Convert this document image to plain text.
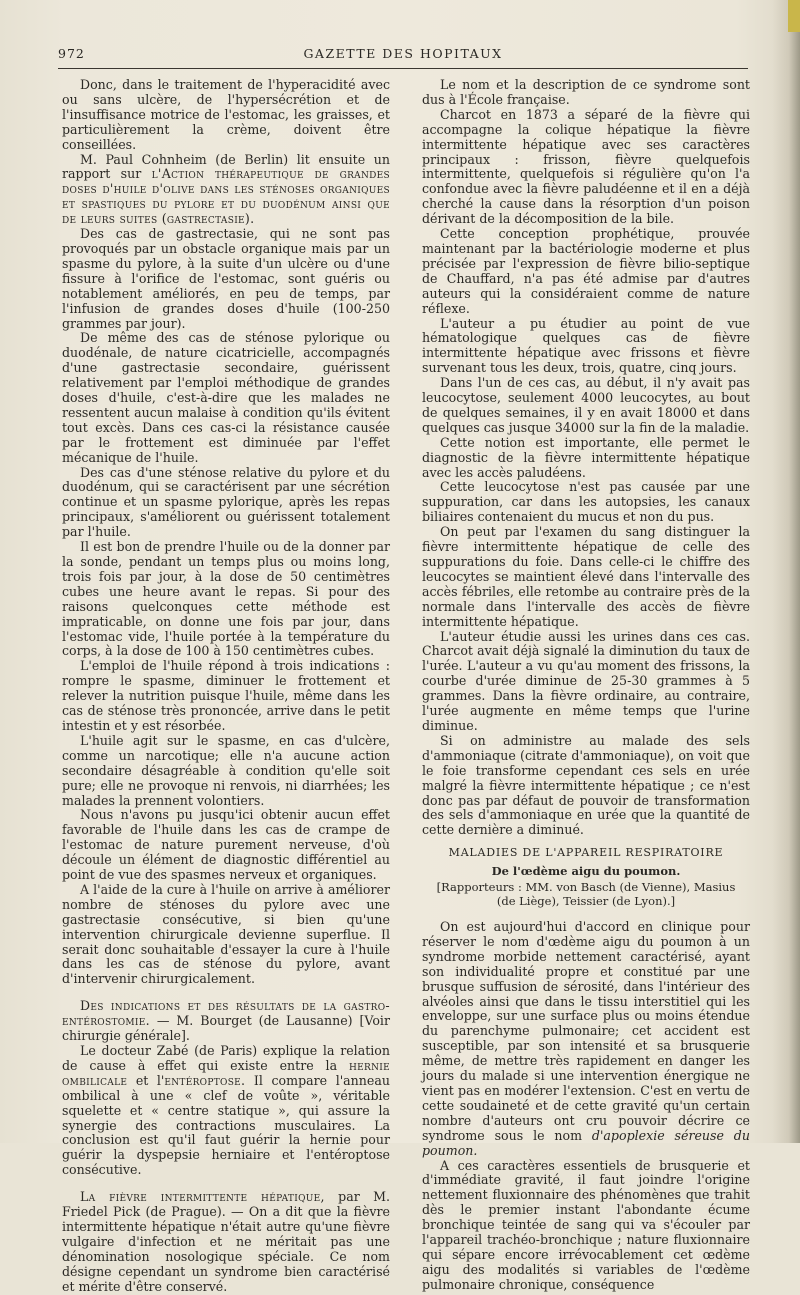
972	GAZETTE DES HOPITAUX

Donc, dans le traitement de l'hyperacidité avec ou sans ulcère, de l'hypersécrétion et de l'insuffisance motrice de l'estomac, les graisses, et particulièrement la crème, doivent être conseillées.

M. Paul Cohnheim (de Berlin) lit ensuite un rapport sur l'Action thérapeutique de grandes doses d'huile d'olive dans les sténoses organiques et spastiques du pylore et du duodénum ainsi que de leurs suites (gastrectasie).

Des cas de gastrectasie, qui ne sont pas provoqués par un obstacle organique mais par un spasme du pylore, à la suite d'un ulcère ou d'une fissure à l'orifice de l'estomac, sont guéris ou notablement améliorés, en peu de temps, par l'infusion de grandes doses d'huile (100-250 grammes par jour).

De même des cas de sténose pylorique ou duodénale, de nature cicatricielle, accompagnés d'une gastrectasie secondaire, guérissent relativement par l'emploi méthodique de grandes doses d'huile, c'est-à-dire que les malades ne ressentent aucun malaise à condition qu'ils évitent tout excès. Dans ces cas-ci la résistance causée par le frottement est diminuée par l'effet mécanique de l'huile.

Des cas d'une sténose relative du pylore et du duodénum, qui se caractérisent par une sécrétion continue et un spasme pylorique, après les repas principaux, s'améliorent ou guérissent totalement par l'huile.

Il est bon de prendre l'huile ou de la donner par la sonde, pendant un temps plus ou moins long, trois fois par jour, à la dose de 50 centimètres cubes une heure avant le repas. Si pour des raisons quelconques cette méthode est impraticable, on donne une fois par jour, dans l'estomac vide, l'huile portée à la température du corps, à la dose de 100 à 150 centimètres cubes.

L'emploi de l'huile répond à trois indications : rompre le spasme, diminuer le frottement et relever la nutrition puisque l'huile, même dans les cas de sténose très prononcée, arrive dans le petit intestin et y est résorbée.

L'huile agit sur le spasme, en cas d'ulcère, comme un narcotique; elle n'a aucune action secondaire désagréable à condition qu'elle soit pure; elle ne provoque ni renvois, ni diarrhées; les malades la prennent volontiers.

Nous n'avons pu jusqu'ici obtenir aucun effet favorable de l'huile dans les cas de crampe de l'estomac de nature purement nerveuse, d'où découle un élément de diagnostic différentiel au point de vue des spasmes nerveux et organiques.

A l'aide de la cure à l'huile on arrive à améliorer nombre de sténoses du pylore avec une gastrectasie consécutive, si bien qu'une intervention chirurgicale devienne superflue. Il serait donc souhaitable d'essayer la cure à l'huile dans les cas de sténose du pylore, avant d'intervenir chirurgicalement.

Des indications et des résultats de la gastro-entérostomie. — M. Bourget (de Lausanne) [Voir chirurgie générale].

Le docteur Zabé (de Paris) explique la relation de cause à effet qui existe entre la hernie ombilicale et l'entéroptose. Il compare l'anneau ombilical à une « clef de voûte », véritable squelette et « centre statique », qui assure la synergie des contractions musculaires. La conclusion est qu'il faut guérir la hernie pour guérir la dyspepsie herniaire et l'entéroptose consécutive.

La fièvre intermittente hépatique, par M. Friedel Pick (de Prague). — On a dit que la fièvre intermittente hépatique n'était autre qu'une fièvre vulgaire d'infection et ne méritait pas une dénomination nosologique spéciale. Ce nom désigne cependant un syndrome bien caractérisé et mérite d'être conservé.

Le nom et la description de ce syndrome sont dus à l'École française.

Charcot en 1873 a séparé de la fièvre qui accompagne la colique hépatique la fièvre intermittente hépatique avec ses caractères principaux : frisson, fièvre quelquefois intermittente, quelquefois si régulière qu'on l'a confondue avec la fièvre paludéenne et il en a déjà cherché la cause dans la résorption d'un poison dérivant de la décomposition de la bile.

Cette conception prophétique, prouvée maintenant par la bactériologie moderne et plus précisée par l'expression de fièvre bilio-septique de Chauffard, n'a pas été admise par d'autres auteurs qui la considéraient comme de nature réflexe.

L'auteur a pu étudier au point de vue hématologique quelques cas de fièvre intermittente hépatique avec frissons et fièvre survenant tous les deux, trois, quatre, cinq jours.

Dans l'un de ces cas, au début, il n'y avait pas leucocytose, seulement 4000 leucocytes, au bout de quelques semaines, il y en avait 18000 et dans quelques cas jusque 34000 sur la fin de la maladie.

Cette notion est importante, elle permet le diagnostic de la fièvre intermittente hépatique avec les accès paludéens.

Cette leucocytose n'est pas causée par une suppuration, car dans les autopsies, les canaux biliaires contenaient du mucus et non du pus.

On peut par l'examen du sang distinguer la fièvre intermittente hépatique de celle des suppurations du foie. Dans celle-ci le chiffre des leucocytes se maintient élevé dans l'intervalle des accès fébriles, elle retombe au contraire près de la normale dans l'intervalle des accès de fièvre intermittente hépatique.

L'auteur étudie aussi les urines dans ces cas. Charcot avait déjà signalé la diminution du taux de l'urée. L'auteur a vu qu'au moment des frissons, la courbe d'urée diminue de 25-30 grammes à 5 grammes. Dans la fièvre ordinaire, au contraire, l'urée augmente en même temps que l'urine diminue.

Si on administre au malade des sels d'ammoniaque (citrate d'ammoniaque), on voit que le foie transforme cependant ces sels en urée malgré la fièvre intermittente hépatique ; ce n'est donc pas par défaut de pouvoir de transformation des sels d'ammoniaque en urée que la quantité de cette dernière a diminué.

MALADIES DE L'APPAREIL RESPIRATOIRE
De l'œdème aigu du poumon.
[Rapporteurs : MM. von Basch (de Vienne), Masius (de Liège), Teissier (de Lyon).]

On est aujourd'hui d'accord en clinique pour réserver le nom d'œdème aigu du poumon à un syndrome morbide nettement caractérisé, ayant son individualité propre et constitué par une brusque suffusion de sérosité, dans l'intérieur des alvéoles ainsi que dans le tissu interstitiel qui les enveloppe, sur une surface plus ou moins étendue du parenchyme pulmonaire; cet accident est susceptible, par son intensité et sa brusquerie même, de mettre très rapidement en danger les jours du malade si une intervention énergique ne vient pas en modérer l'extension. C'est en vertu de cette soudaineté et de cette gravité qu'un certain nombre d'auteurs ont cru pouvoir décrire ce syndrome sous le nom d'apoplexie séreuse du poumon.

A ces caractères essentiels de brusquerie et d'immédiate gravité, il faut joindre l'origine nettement fluxionnaire des phénomènes que trahit dès le premier instant l'abondante écume bronchique teintée de sang qui va s'écouler par l'appareil trachéo-bronchique ; nature fluxionnaire qui sépare encore irrévocablement cet œdème aigu des modalités si variables de l'œdème pulmonaire chronique, conséquence
